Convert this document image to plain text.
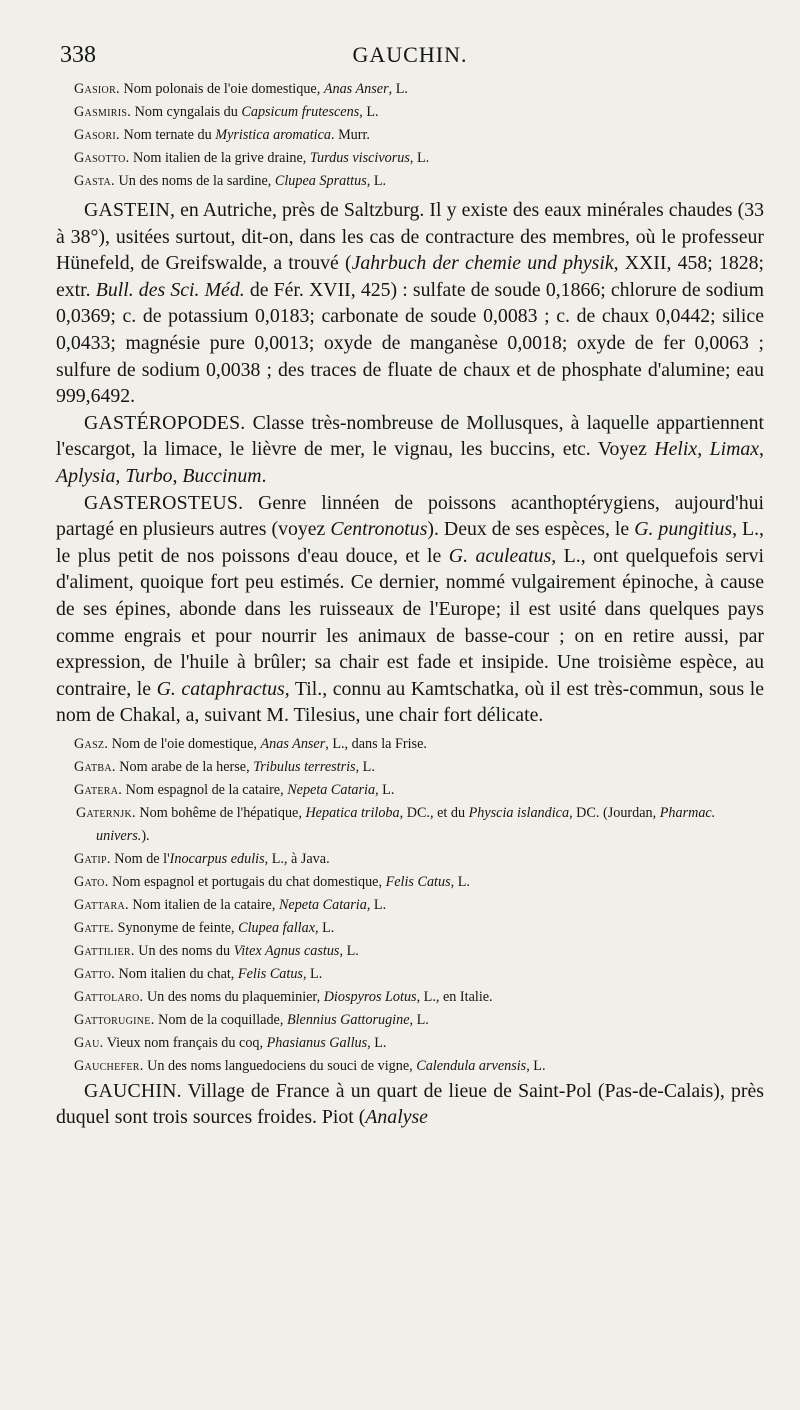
338	GAUCHIN.

Gasior. Nom polonais de l'oie domestique, Anas Anser, L.

Gasmiris. Nom cyngalais du Capsicum frutescens, L.

Gasori. Nom ternate du Myristica aromatica. Murr.

Gasotto. Nom italien de la grive draine, Turdus viscivorus, L.

Gasta. Un des noms de la sardine, Clupea Sprattus, L.

GASTEIN, en Autriche, près de Saltzburg. Il y existe des eaux minérales chaudes (33 à 38°), usitées surtout, dit-on, dans les cas de contracture des membres, où le professeur Hünefeld, de Greifswalde, a trouvé (Jahrbuch der chemie und physik, XXII, 458; 1828; extr. Bull. des Sci. Méd. de Fér. XVII, 425) : sulfate de soude 0,1866; chlorure de sodium 0,0369; c. de potassium 0,0183; carbonate de soude 0,0083 ; c. de chaux 0,0442; silice 0,0433; magnésie pure 0,0013; oxyde de manganèse 0,0018; oxyde de fer 0,0063 ; sulfure de sodium 0,0038 ; des traces de fluate de chaux et de phosphate d'alumine; eau 999,6492.

GASTÉROPODES. Classe très-nombreuse de Mollusques, à laquelle appartiennent l'escargot, la limace, le lièvre de mer, le vignau, les buccins, etc. Voyez Helix, Limax, Aplysia, Turbo, Buccinum.

GASTEROSTEUS. Genre linnéen de poissons acanthoptérygiens, aujourd'hui partagé en plusieurs autres (voyez Centronotus). Deux de ses espèces, le G. pungitius, L., le plus petit de nos poissons d'eau douce, et le G. aculeatus, L., ont quelquefois servi d'aliment, quoique fort peu estimés. Ce dernier, nommé vulgairement épinoche, à cause de ses épines, abonde dans les ruisseaux de l'Europe; il est usité dans quelques pays comme engrais et pour nourrir les animaux de basse-cour ; on en retire aussi, par expression, de l'huile à brûler; sa chair est fade et insipide. Une troisième espèce, au contraire, le G. cataphractus, Til., connu au Kamtschatka, où il est très-commun, sous le nom de Chakal, a, suivant M. Tilesius, une chair fort délicate.

Gasz. Nom de l'oie domestique, Anas Anser, L., dans la Frise.

Gatba. Nom arabe de la herse, Tribulus terrestris, L.

Gatera. Nom espagnol de la cataire, Nepeta Cataria, L.

Gaternjk. Nom bohême de l'hépatique, Hepatica triloba, DC., et du Physcia islandica, DC. (Jourdan, Pharmac. univers.).

Gatip. Nom de l'Inocarpus edulis, L., à Java.

Gato. Nom espagnol et portugais du chat domestique, Felis Catus, L.

Gattara. Nom italien de la cataire, Nepeta Cataria, L.

Gatte. Synonyme de feinte, Clupea fallax, L.

Gattilier. Un des noms du Vitex Agnus castus, L.

Gatto. Nom italien du chat, Felis Catus, L.

Gattolaro. Un des noms du plaqueminier, Diospyros Lotus, L., en Italie.

Gattorugine. Nom de la coquillade, Blennius Gattorugine, L.

Gau. Vieux nom français du coq, Phasianus Gallus, L.

Gauchefer. Un des noms languedociens du souci de vigne, Calendula arvensis, L.

GAUCHIN. Village de France à un quart de lieue de Saint-Pol (Pas-de-Calais), près duquel sont trois sources froides. Piot (Analyse
